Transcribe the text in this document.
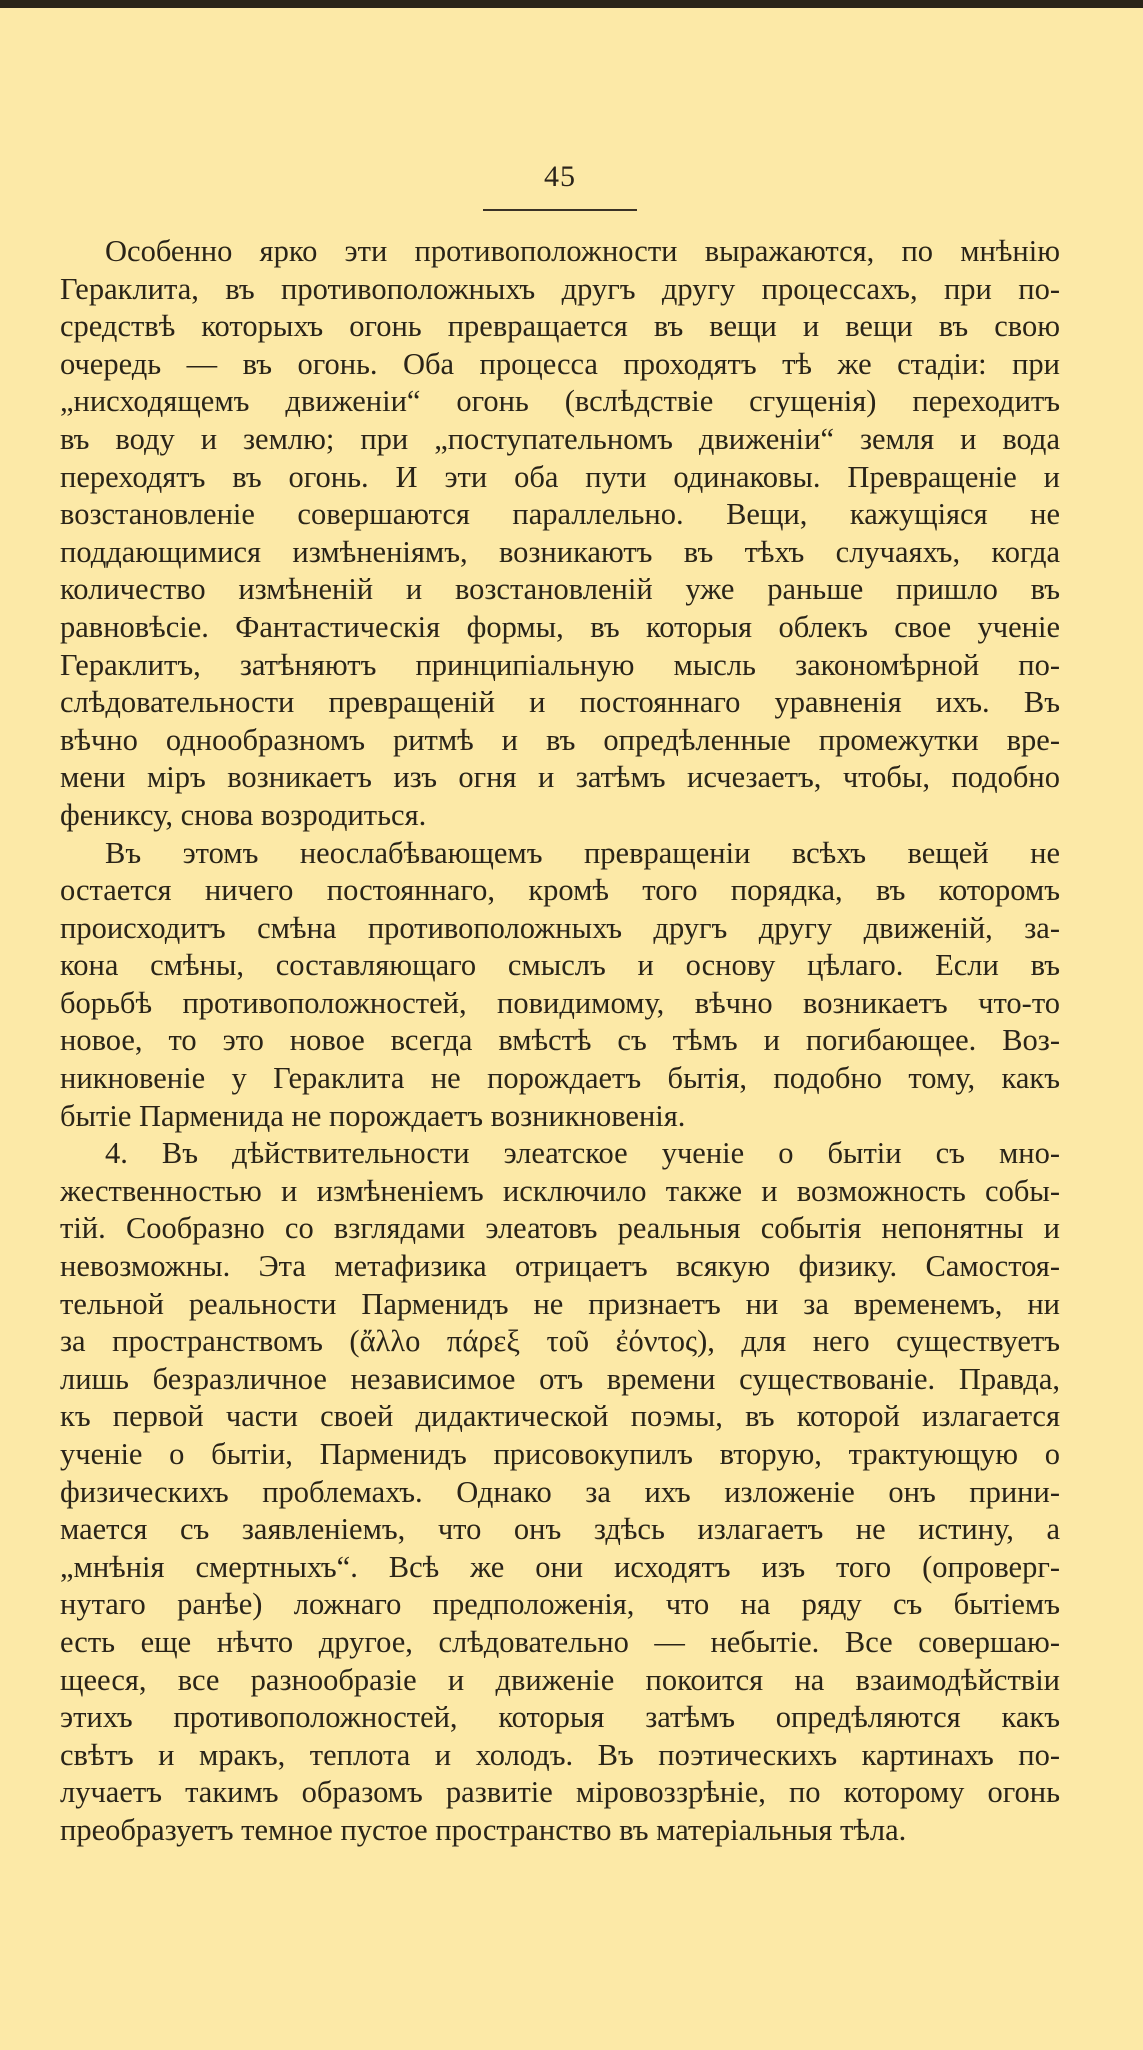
45
Особенно ярко эти противоположности выражаются, по мнѣнію
Гераклита, въ противоположныхъ другъ другу процессахъ, при по-
средствѣ которыхъ огонь превращается въ вещи и вещи въ свою
очередь — въ огонь. Оба процесса проходятъ тѣ же стадіи: при
„нисходящемъ движеніи“ огонь (вслѣдствіе сгущенія) переходитъ
въ воду и землю; при „поступательномъ движеніи“ земля и вода
переходятъ въ огонь. И эти оба пути одинаковы. Превращеніе и
возстановленіе совершаются параллельно. Вещи, кажущіяся не
поддающимися измѣненіямъ, возникаютъ въ тѣхъ случаяхъ, когда
количество измѣненій и возстановленій уже раньше пришло въ
равновѣсіе. Фантастическія формы, въ которыя облекъ свое ученіе
Гераклитъ, затѣняютъ принципіальную мысль закономѣрной по-
слѣдовательности превращеній и постояннаго уравненія ихъ. Въ
вѣчно однообразномъ ритмѣ и въ опредѣленные промежутки вре-
мени міръ возникаетъ изъ огня и затѣмъ исчезаетъ, чтобы, подобно
фениксу, снова возродиться.
Въ этомъ неослабѣвающемъ превращеніи всѣхъ вещей не
остается ничего постояннаго, кромѣ того порядка, въ которомъ
происходитъ смѣна противоположныхъ другъ другу движеній, за-
кона смѣны, составляющаго смыслъ и основу цѣлаго. Если въ
борьбѣ противоположностей, повидимому, вѣчно возникаетъ что-то
новое, то это новое всегда вмѣстѣ съ тѣмъ и погибающее. Воз-
никновеніе у Гераклита не порождаетъ бытія, подобно тому, какъ
бытіе Парменида не порождаетъ возникновенія.
4. Въ дѣйствительности элеатское ученіе о бытіи съ мно-
жественностью и измѣненіемъ исключило также и возможность собы-
тій. Сообразно со взглядами элеатовъ реальныя событія непонятны и
невозможны. Эта метафизика отрицаетъ всякую физику. Самостоя-
тельной реальности Парменидъ не признаетъ ни за временемъ, ни
за пространствомъ (ἄλλο πάρεξ τοῦ ἐόντος), для него существуетъ
лишь безразличное независимое отъ времени существованіе. Правда,
къ первой части своей дидактической поэмы, въ которой излагается
ученіе о бытіи, Парменидъ присовокупилъ вторую, трактующую о
физическихъ проблемахъ. Однако за ихъ изложеніе онъ прини-
мается съ заявленіемъ, что онъ здѣсь излагаетъ не истину, а
„мнѣнія смертныхъ“. Всѣ же они исходятъ изъ того (опроверг-
нутаго ранѣе) ложнаго предположенія, что на ряду съ бытіемъ
есть еще нѣчто другое, слѣдовательно — небытіе. Все совершаю-
щееся, все разнообразіе и движеніе покоится на взаимодѣйствіи
этихъ противоположностей, которыя затѣмъ опредѣляются какъ
свѣтъ и мракъ, теплота и холодъ. Въ поэтическихъ картинахъ по-
лучаетъ такимъ образомъ развитіе міровоззрѣніе, по которому огонь
преобразуетъ темное пустое пространство въ матеріальныя тѣла.
